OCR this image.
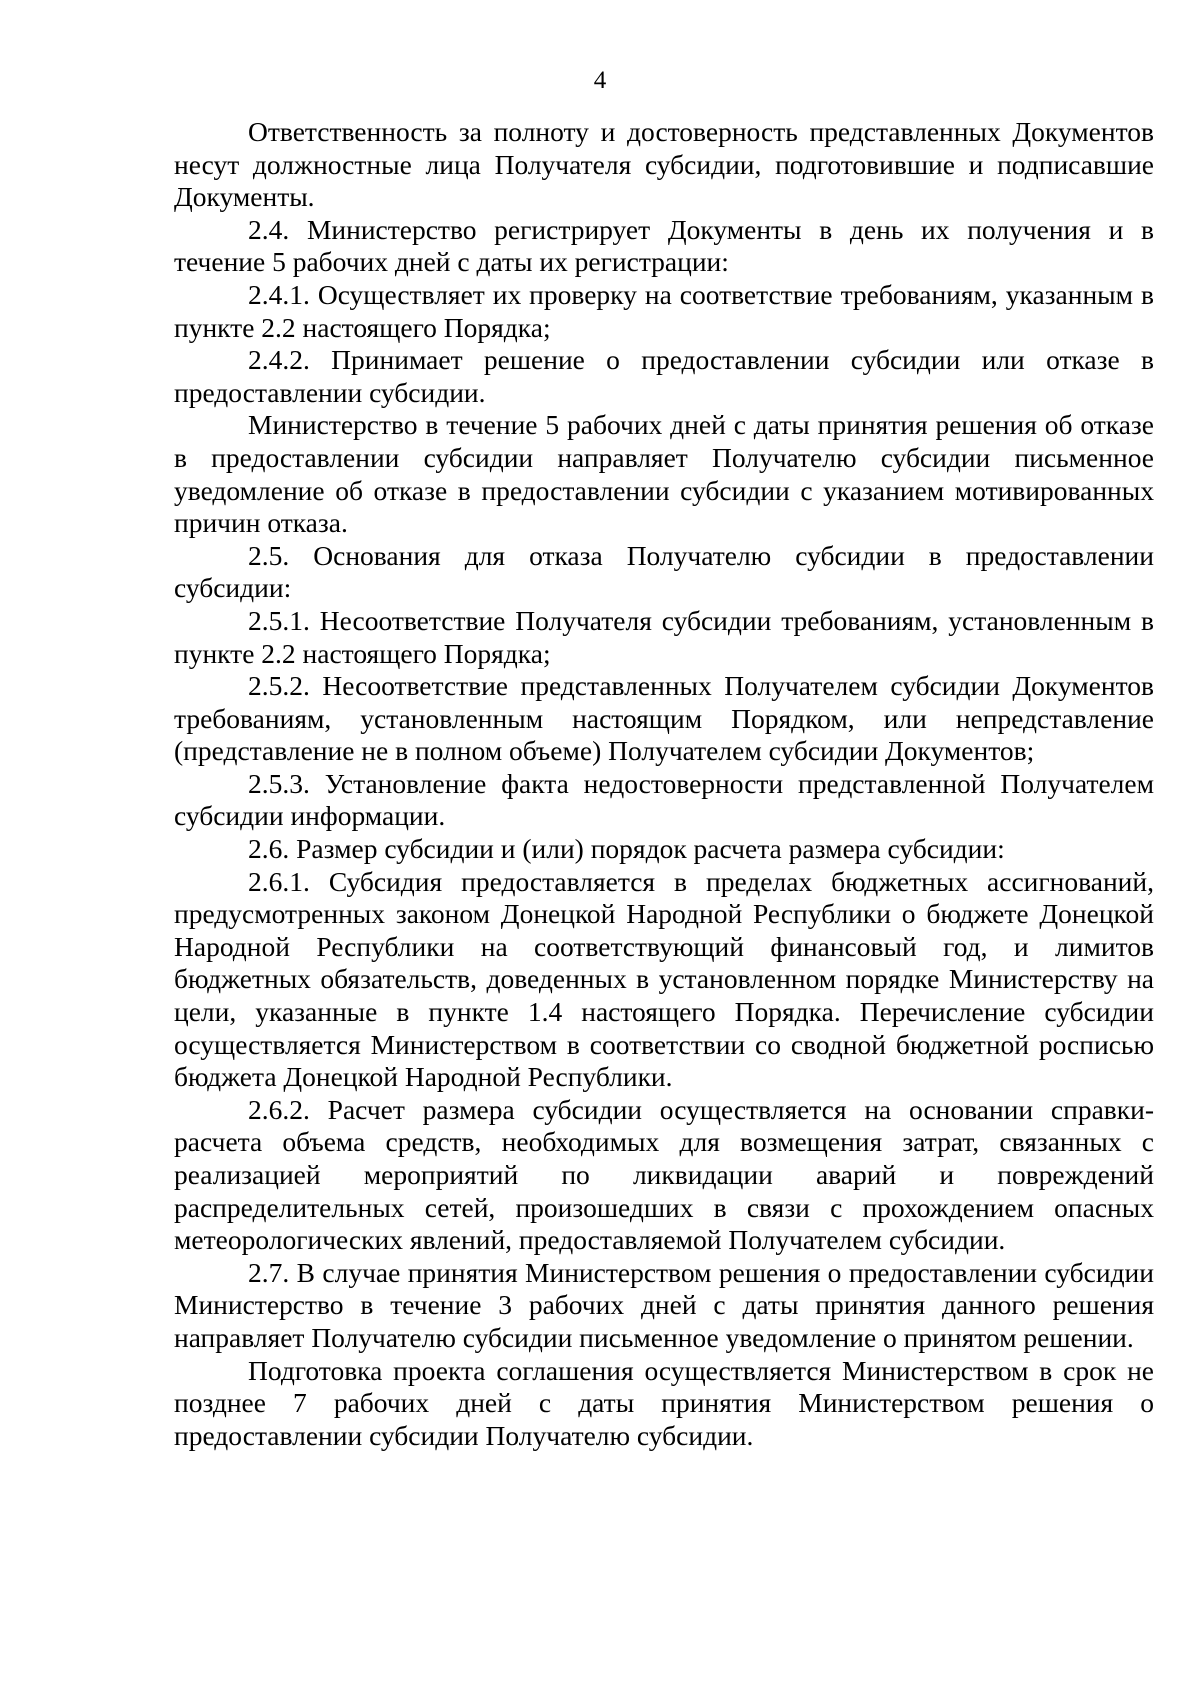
4

Ответственность за полноту и достоверность представленных Документов несут должностные лица Получателя субсидии, подготовившие и подписавшие Документы.

2.4. Министерство регистрирует Документы в день их получения и в течение 5 рабочих дней с даты их регистрации:

2.4.1. Осуществляет их проверку на соответствие требованиям, указанным в пункте 2.2 настоящего Порядка;

2.4.2. Принимает решение о предоставлении субсидии или отказе в предоставлении субсидии.

Министерство в течение 5 рабочих дней с даты принятия решения об отказе в предоставлении субсидии направляет Получателю субсидии письменное уведомление об отказе в предоставлении субсидии с указанием мотивированных причин отказа.

2.5. Основания для отказа Получателю субсидии в предоставлении субсидии:

2.5.1. Несоответствие Получателя субсидии требованиям, установленным в пункте 2.2 настоящего Порядка;

2.5.2. Несоответствие представленных Получателем субсидии Документов требованиям, установленным настоящим Порядком, или непредставление (представление не в полном объеме) Получателем субсидии Документов;

2.5.3. Установление факта недостоверности представленной Получателем субсидии информации.

2.6. Размер субсидии и (или) порядок расчета размера субсидии:

2.6.1. Субсидия предоставляется в пределах бюджетных ассигнований, предусмотренных законом Донецкой Народной Республики о бюджете Донецкой Народной Республики на соответствующий финансовый год, и лимитов бюджетных обязательств, доведенных в установленном порядке Министерству на цели, указанные в пункте 1.4 настоящего Порядка. Перечисление субсидии осуществляется Министерством в соответствии со сводной бюджетной росписью бюджета Донецкой Народной Республики.

2.6.2. Расчет размера субсидии осуществляется на основании справки-расчета объема средств, необходимых для возмещения затрат, связанных с реализацией мероприятий по ликвидации аварий и повреждений распределительных сетей, произошедших в связи с прохождением опасных метеорологических явлений, предоставляемой Получателем субсидии.

2.7. В случае принятия Министерством решения о предоставлении субсидии Министерство в течение 3 рабочих дней с даты принятия данного решения направляет Получателю субсидии письменное уведомление о принятом решении.

Подготовка проекта соглашения осуществляется Министерством в срок не позднее 7 рабочих дней с даты принятия Министерством решения о предоставлении субсидии Получателю субсидии.
